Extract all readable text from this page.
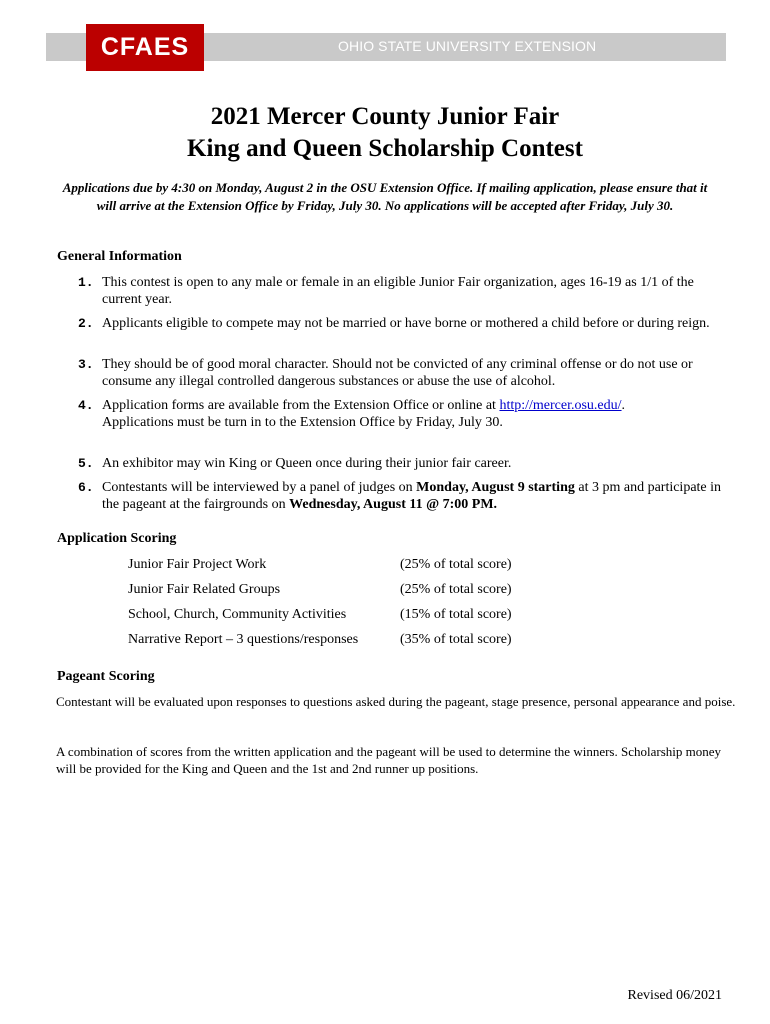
OHIO STATE UNIVERSITY EXTENSION
CFAES
2021 Mercer County Junior Fair
King and Queen Scholarship Contest
Applications due by 4:30 on Monday, August 2 in the OSU Extension Office. If mailing application, please ensure that it will arrive at the Extension Office by Friday, July 30. No applications will be accepted after Friday, July 30.
General Information
1. This contest is open to any male or female in an eligible Junior Fair organization, ages 16-19 as 1/1 of the current year.
2. Applicants eligible to compete may not be married or have borne or mothered a child before or during reign.
3. They should be of good moral character. Should not be convicted of any criminal offense or do not use or consume any illegal controlled dangerous substances or abuse the use of alcohol.
4. Application forms are available from the Extension Office or online at http://mercer.osu.edu/. Applications must be turn in to the Extension Office by Friday, July 30.
5. An exhibitor may win King or Queen once during their junior fair career.
6. Contestants will be interviewed by a panel of judges on Monday, August 9 starting at 3 pm and participate in the pageant at the fairgrounds on Wednesday, August 11 @ 7:00 PM.
Application Scoring
Junior Fair Project Work	(25% of total score)
Junior Fair Related Groups	(25% of total score)
School, Church, Community Activities	(15% of total score)
Narrative Report – 3 questions/responses	(35% of total score)
Pageant Scoring
Contestant will be evaluated upon responses to questions asked during the pageant, stage presence, personal appearance and poise.
A combination of scores from the written application and the pageant will be used to determine the winners. Scholarship money will be provided for the King and Queen and the 1st and 2nd runner up positions.
Revised 06/2021
